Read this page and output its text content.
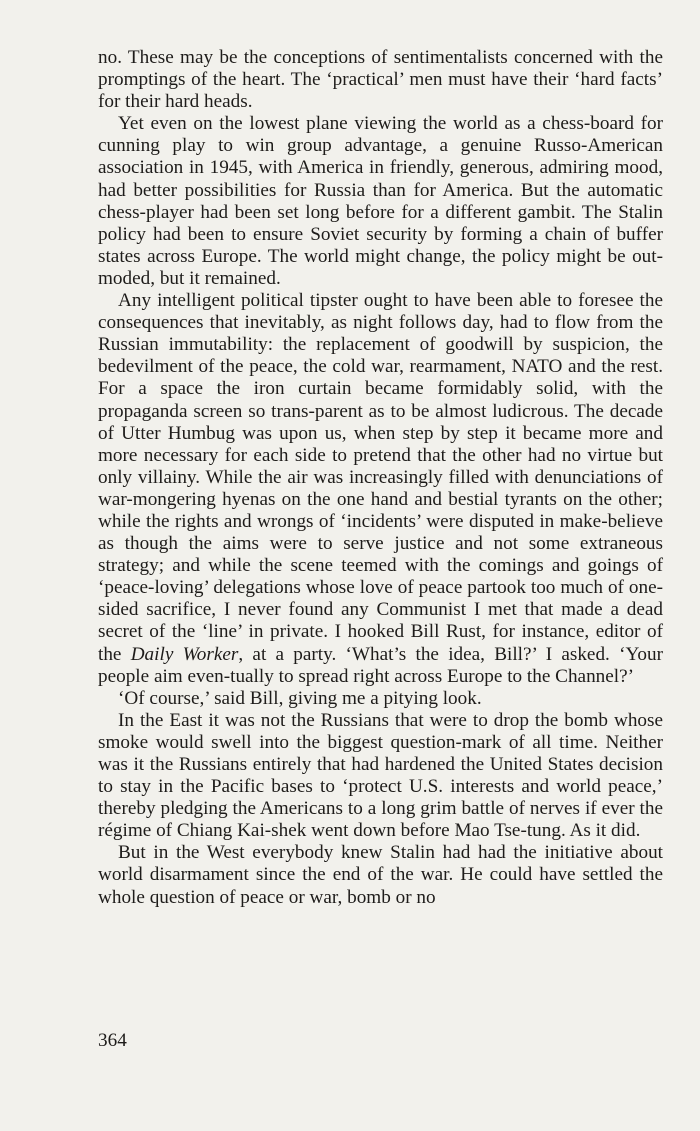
no. These may be the conceptions of sentimentalists concerned with the promptings of the heart. The ‘practical’ men must have their ‘hard facts’ for their hard heads.

Yet even on the lowest plane viewing the world as a chess-board for cunning play to win group advantage, a genuine Russo-American association in 1945, with America in friendly, generous, admiring mood, had better possibilities for Russia than for America. But the automatic chess-player had been set long before for a different gambit. The Stalin policy had been to ensure Soviet security by forming a chain of buffer states across Europe. The world might change, the policy might be out-moded, but it remained.

Any intelligent political tipster ought to have been able to foresee the consequences that inevitably, as night follows day, had to flow from the Russian immutability: the replacement of goodwill by suspicion, the bedevilment of the peace, the cold war, rearmament, NATO and the rest. For a space the iron curtain became formidably solid, with the propaganda screen so trans-parent as to be almost ludicrous. The decade of Utter Humbug was upon us, when step by step it became more and more necessary for each side to pretend that the other had no virtue but only villainy. While the air was increasingly filled with denunciations of war-mongering hyenas on the one hand and bestial tyrants on the other; while the rights and wrongs of ‘incidents’ were disputed in make-believe as though the aims were to serve justice and not some extraneous strategy; and while the scene teemed with the comings and goings of ‘peace-loving’ delegations whose love of peace partook too much of one-sided sacrifice, I never found any Communist I met that made a dead secret of the ‘line’ in private. I hooked Bill Rust, for instance, editor of the Daily Worker, at a party. ‘What’s the idea, Bill?’ I asked. ‘Your people aim even-tually to spread right across Europe to the Channel?’

‘Of course,’ said Bill, giving me a pitying look.

In the East it was not the Russians that were to drop the bomb whose smoke would swell into the biggest question-mark of all time. Neither was it the Russians entirely that had hardened the United States decision to stay in the Pacific bases to ‘protect U.S. interests and world peace,’ thereby pledging the Americans to a long grim battle of nerves if ever the régime of Chiang Kai-shek went down before Mao Tse-tung. As it did.

But in the West everybody knew Stalin had had the initiative about world disarmament since the end of the war. He could have settled the whole question of peace or war, bomb or no

364
